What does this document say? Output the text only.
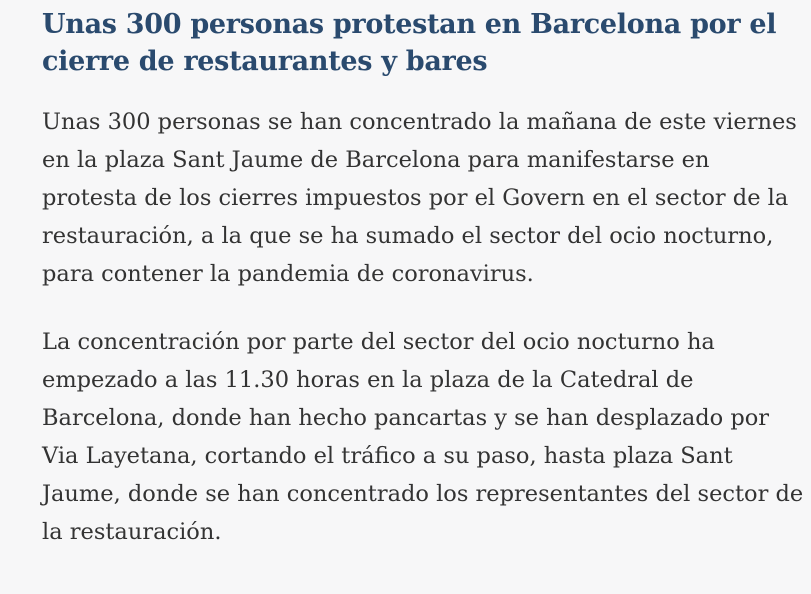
Unas 300 personas protestan en Barcelona por el cierre de restaurantes y bares

Unas 300 personas se han concentrado la mañana de este viernes en la plaza Sant Jaume de Barcelona para manifestarse en protesta de los cierres impuestos por el Govern en el sector de la restauración, a la que se ha sumado el sector del ocio nocturno, para contener la pandemia de coronavirus.

La concentración por parte del sector del ocio nocturno ha empezado a las 11.30 horas en la plaza de la Catedral de Barcelona, donde han hecho pancartas y se han desplazado por Via Layetana, cortando el tráfico a su paso, hasta plaza Sant Jaume, donde se han concentrado los representantes del sector de la restauración.
